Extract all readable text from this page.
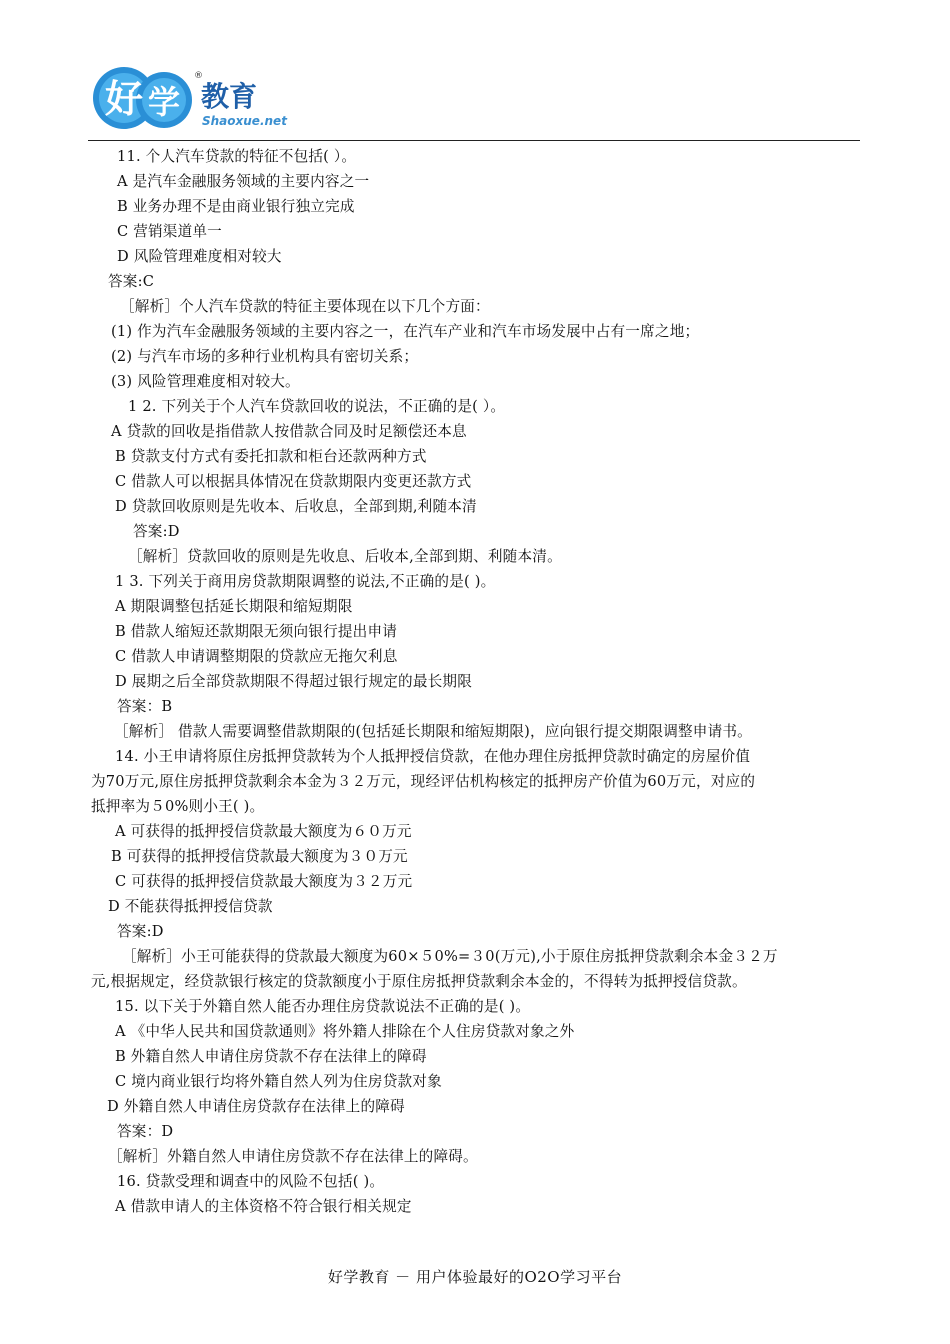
好 学 教育
Shaoxue.net
®
11. 个人汽车贷款的特征不包括( ）。
A 是汽车金融服务领域的主要内容之一
B 业务办理不是由商业银行独立完成
C 营销渠道单一
D 风险管理难度相对较大
答案:C
［解析］个人汽车贷款的特征主要体现在以下几个方面：
(1) 作为汽车金融服务领域的主要内容之一，在汽车产业和汽车市场发展中占有一席之地；
(2) 与汽车市场的多种行业机构具有密切关系；
(3) 风险管理难度相对较大。
1 2. 下列关于个人汽车贷款回收的说法，不正确的是( ）。
A 贷款的回收是指借款人按借款合同及时足额偿还本息
B 贷款支付方式有委托扣款和柜台还款两种方式
C 借款人可以根据具体情况在贷款期限内变更还款方式
D 贷款回收原则是先收本、后收息，全部到期,利随本清
答案:D
［解析］贷款回收的原则是先收息、后收本,全部到期、利随本清。
1 3. 下列关于商用房贷款期限调整的说法,不正确的是( )。
A 期限调整包括延长期限和缩短期限
B 借款人缩短还款期限无须向银行提出申请
C 借款人申请调整期限的贷款应无拖欠利息
D 展期之后全部贷款期限不得超过银行规定的最长期限
答案：B
［解析］ 借款人需要调整借款期限的(包括延长期限和缩短期限)，应向银行提交期限调整申请书。
14. 小王申请将原住房抵押贷款转为个人抵押授信贷款，在他办理住房抵押贷款时确定的房屋价值
为70万元,原住房抵押贷款剩余本金为３２万元，现经评估机构核定的抵押房产价值为60万元，对应的
抵押率为５0%则小王( )。
A 可获得的抵押授信贷款最大额度为６０万元
B 可获得的抵押授信贷款最大额度为３０万元
C 可获得的抵押授信贷款最大额度为３２万元
D 不能获得抵押授信贷款
答案:D
［解析］小王可能获得的贷款最大额度为60×５0%=３0(万元),小于原住房抵押贷款剩余本金３２万
元,根据规定，经贷款银行核定的贷款额度小于原住房抵押贷款剩余本金的，不得转为抵押授信贷款。
15. 以下关于外籍自然人能否办理住房贷款说法不正确的是( )。
A 《中华人民共和国贷款通则》将外籍人排除在个人住房贷款对象之外
B 外籍自然人申请住房贷款不存在法律上的障碍
C 境内商业银行均将外籍自然人列为住房贷款对象
D 外籍自然人申请住房贷款存在法律上的障碍
答案：D
［解析］外籍自然人申请住房贷款不存在法律上的障碍。
16. 贷款受理和调查中的风险不包括( )。
A 借款申请人的主体资格不符合银行相关规定
好学教育 － 用户体验最好的O2O学习平台
